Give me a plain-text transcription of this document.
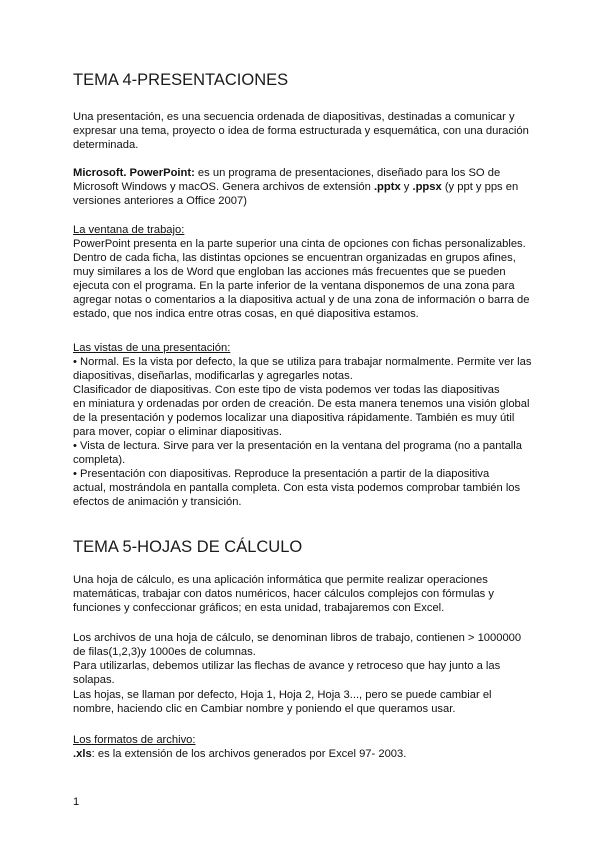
TEMA 4-PRESENTACIONES
Una presentación, es una secuencia ordenada de diapositivas, destinadas a comunicar y
expresar una tema, proyecto o idea de forma estructurada y esquemática, con una duración
determinada.
Microsoft. PowerPoint: es un programa de presentaciones, diseñado para los SO de
Microsoft Windows y macOS. Genera archivos de extensión .pptx y .ppsx (y ppt y pps en
versiones anteriores a Office 2007)
La ventana de trabajo:
PowerPoint presenta en la parte superior una cinta de opciones con fichas personalizables.
Dentro de cada ficha, las distintas opciones se encuentran organizadas en grupos afines,
muy similares a los de Word que engloban las acciones más frecuentes que se pueden
ejecuta con el programa. En la parte inferior de la ventana disponemos de una zona para
agregar notas o comentarios a la diapositiva actual y de una zona de información o barra de
estado, que nos indica entre otras cosas, en qué diapositiva estamos.
Las vistas de una presentación:
• Normal. Es la vista por defecto, la que se utiliza para trabajar normalmente. Permite ver las
diapositivas, diseñarlas, modificarlas y agregarles notas.
Clasificador de diapositivas. Con este tipo de vista podemos ver todas las diapositivas
en miniatura y ordenadas por orden de creación. De esta manera tenemos una visión global
de la presentación y podemos localizar una diapositiva rápidamente. También es muy útil
para mover, copiar o eliminar diapositivas.
• Vista de lectura. Sirve para ver la presentación en la ventana del programa (no a pantalla
completa).
• Presentación con diapositivas. Reproduce la presentación a partir de la diapositiva
actual, mostrándola en pantalla completa. Con esta vista podemos comprobar también los
efectos de animación y transición.
TEMA 5-HOJAS DE CÁLCULO
Una hoja de cálculo, es una aplicación informática que permite realizar operaciones
matemáticas, trabajar con datos numéricos, hacer cálculos complejos con fórmulas y
funciones y confeccionar gráficos; en esta unidad, trabajaremos con Excel.
Los archivos de una hoja de cálculo, se denominan libros de trabajo, contienen > 1000000
de filas(1,2,3)y 1000es de columnas.
Para utilizarlas, debemos utilizar las flechas de avance y retroceso que hay junto a las
solapas.
Las hojas, se llaman por defecto, Hoja 1, Hoja 2, Hoja 3..., pero se puede cambiar el
nombre, haciendo clic en Cambiar nombre y poniendo el que queramos usar.
Los formatos de archivo:
.xls: es la extensión de los archivos generados por Excel 97- 2003.
1
